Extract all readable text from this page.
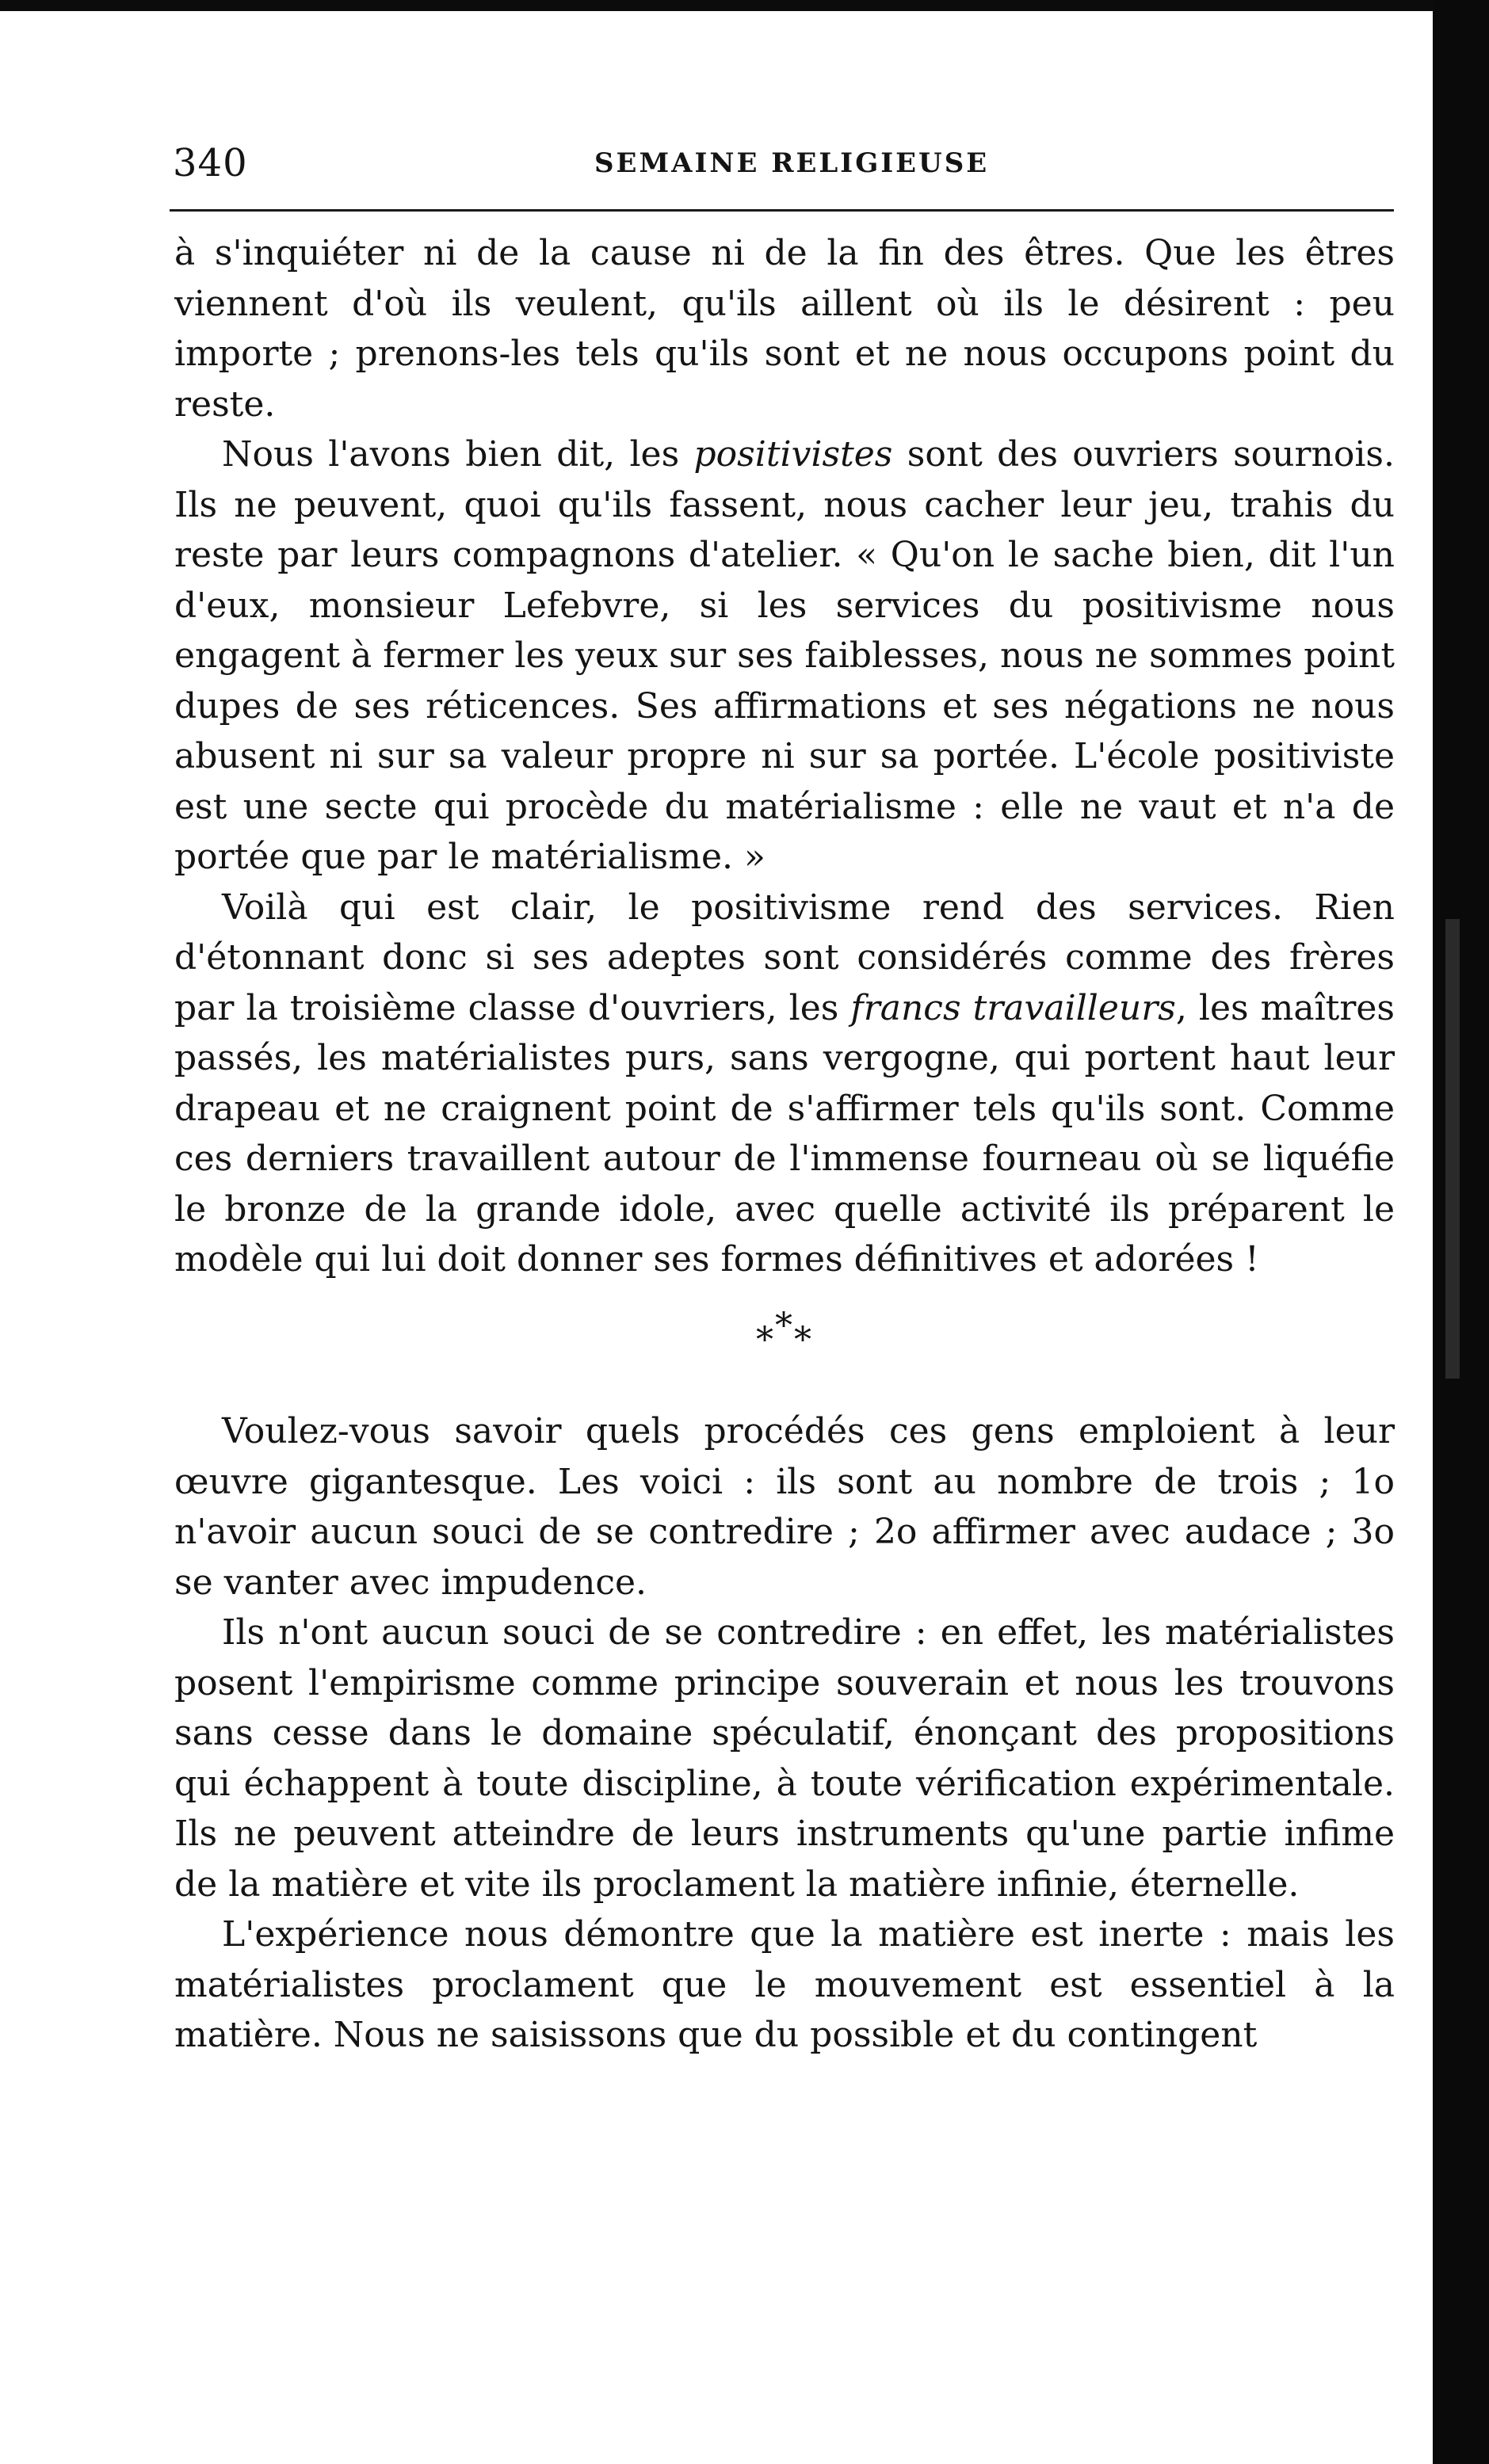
340	SEMAINE RELIGIEUSE

à s'inquiéter ni de la cause ni de la fin des êtres. Que les êtres viennent d'où ils veulent, qu'ils aillent où ils le désirent : peu importe ; prenons-les tels qu'ils sont et ne nous occupons point du reste.

Nous l'avons bien dit, les positivistes sont des ouvriers sournois. Ils ne peuvent, quoi qu'ils fassent, nous cacher leur jeu, trahis du reste par leurs compagnons d'atelier. « Qu'on le sache bien, dit l'un d'eux, monsieur Lefebvre, si les services du positivisme nous engagent à fermer les yeux sur ses faiblesses, nous ne sommes point dupes de ses réticences. Ses affirmations et ses négations ne nous abusent ni sur sa valeur propre ni sur sa portée. L'école positiviste est une secte qui procède du matérialisme : elle ne vaut et n'a de portée que par le matérialisme. »

Voilà qui est clair, le positivisme rend des services. Rien d'étonnant donc si ses adeptes sont considérés comme des frères par la troisième classe d'ouvriers, les francs travailleurs, les maîtres passés, les matérialistes purs, sans vergogne, qui portent haut leur drapeau et ne craignent point de s'affirmer tels qu'ils sont. Comme ces derniers travaillent autour de l'immense fourneau où se liquéfie le bronze de la grande idole, avec quelle activité ils préparent le modèle qui lui doit donner ses formes définitives et adorées !

***

Voulez-vous savoir quels procédés ces gens emploient à leur œuvre gigantesque. Les voici : ils sont au nombre de trois ; 1o n'avoir aucun souci de se contredire ; 2o affirmer avec audace ; 3o se vanter avec impudence.

Ils n'ont aucun souci de se contredire : en effet, les matérialistes posent l'empirisme comme principe souverain et nous les trouvons sans cesse dans le domaine spéculatif, énonçant des propositions qui échappent à toute discipline, à toute vérification expérimentale. Ils ne peuvent atteindre de leurs instruments qu'une partie infime de la matière et vite ils proclament la matière infinie, éternelle.

L'expérience nous démontre que la matière est inerte : mais les matérialistes proclament que le mouvement est essentiel à la matière. Nous ne saisissons que du possible et du contingent
